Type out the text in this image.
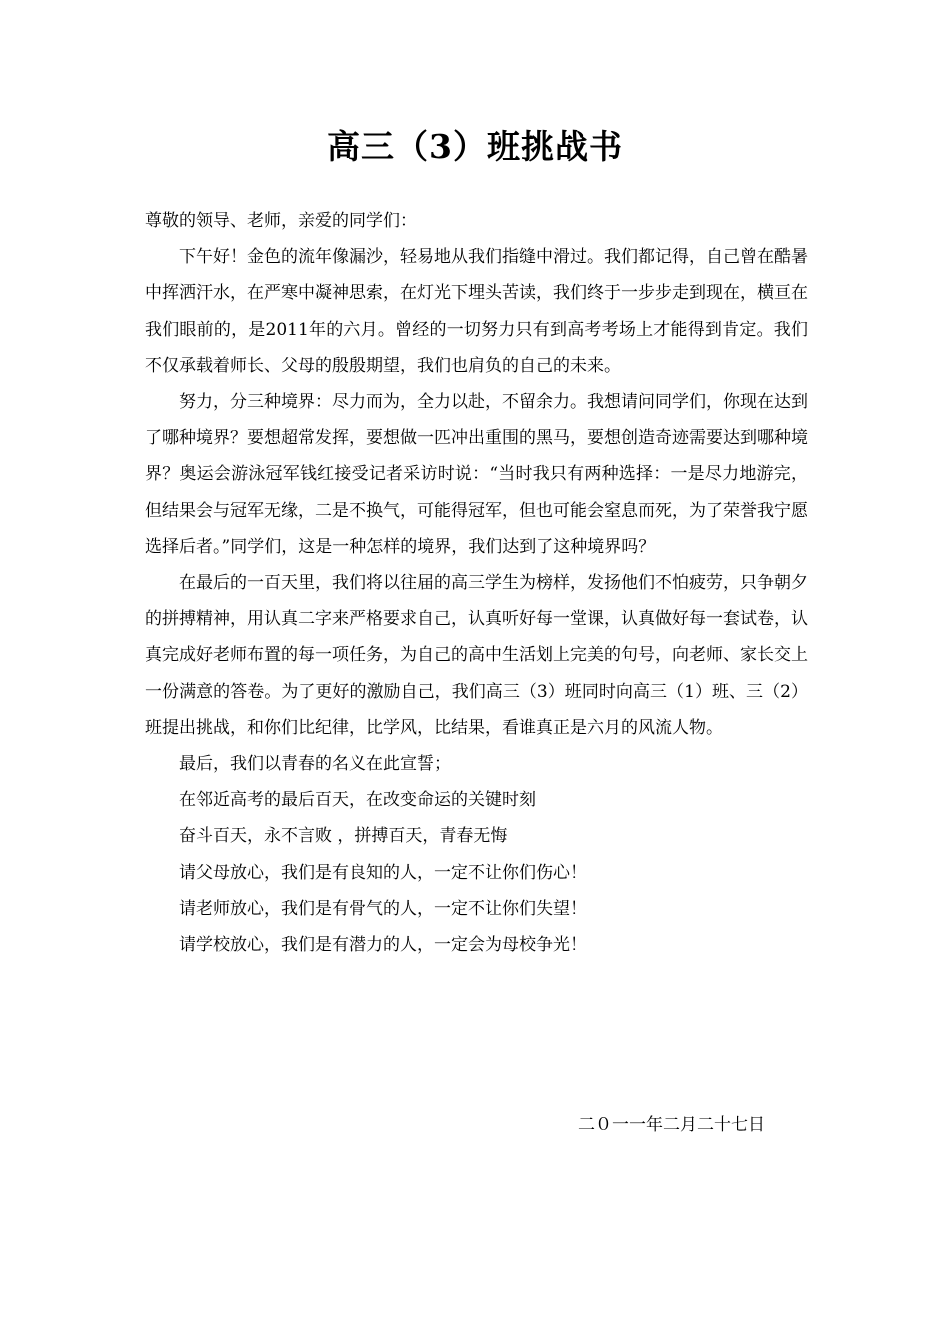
高三（3）班挑战书

尊敬的领导、老师，亲爱的同学们：

下午好！金色的流年像漏沙，轻易地从我们指缝中滑过。我们都记得，自己曾在酷暑中挥洒汗水，在严寒中凝神思索，在灯光下埋头苦读，我们终于一步步走到现在，横亘在我们眼前的，是2011年的六月。曾经的一切努力只有到高考考场上才能得到肯定。我们不仅承载着师长、父母的殷殷期望，我们也肩负的自己的未来。

努力，分三种境界：尽力而为，全力以赴，不留余力。我想请问同学们，你现在达到了哪种境界？要想超常发挥，要想做一匹冲出重围的黑马，要想创造奇迹需要达到哪种境界？奥运会游泳冠军钱红接受记者采访时说：“当时我只有两种选择：一是尽力地游完，但结果会与冠军无缘，二是不换气，可能得冠军，但也可能会窒息而死，为了荣誉我宁愿选择后者。”同学们，这是一种怎样的境界，我们达到了这种境界吗？

在最后的一百天里，我们将以往届的高三学生为榜样，发扬他们不怕疲劳，只争朝夕的拼搏精神，用认真二字来严格要求自己，认真听好每一堂课，认真做好每一套试卷，认真完成好老师布置的每一项任务，为自己的高中生活划上完美的句号，向老师、家长交上一份满意的答卷。为了更好的激励自己，我们高三（3）班同时向高三（1）班、三（2）班提出挑战，和你们比纪律，比学风，比结果，看谁真正是六月的风流人物。

最后，我们以青春的名义在此宣誓；

在邻近高考的最后百天，在改变命运的关键时刻

奋斗百天，永不言败 ，拼搏百天，青春无悔

请父母放心，我们是有良知的人，一定不让你们伤心！

请老师放心，我们是有骨气的人，一定不让你们失望！

请学校放心，我们是有潜力的人，一定会为母校争光！

二０一一年二月二十七日
